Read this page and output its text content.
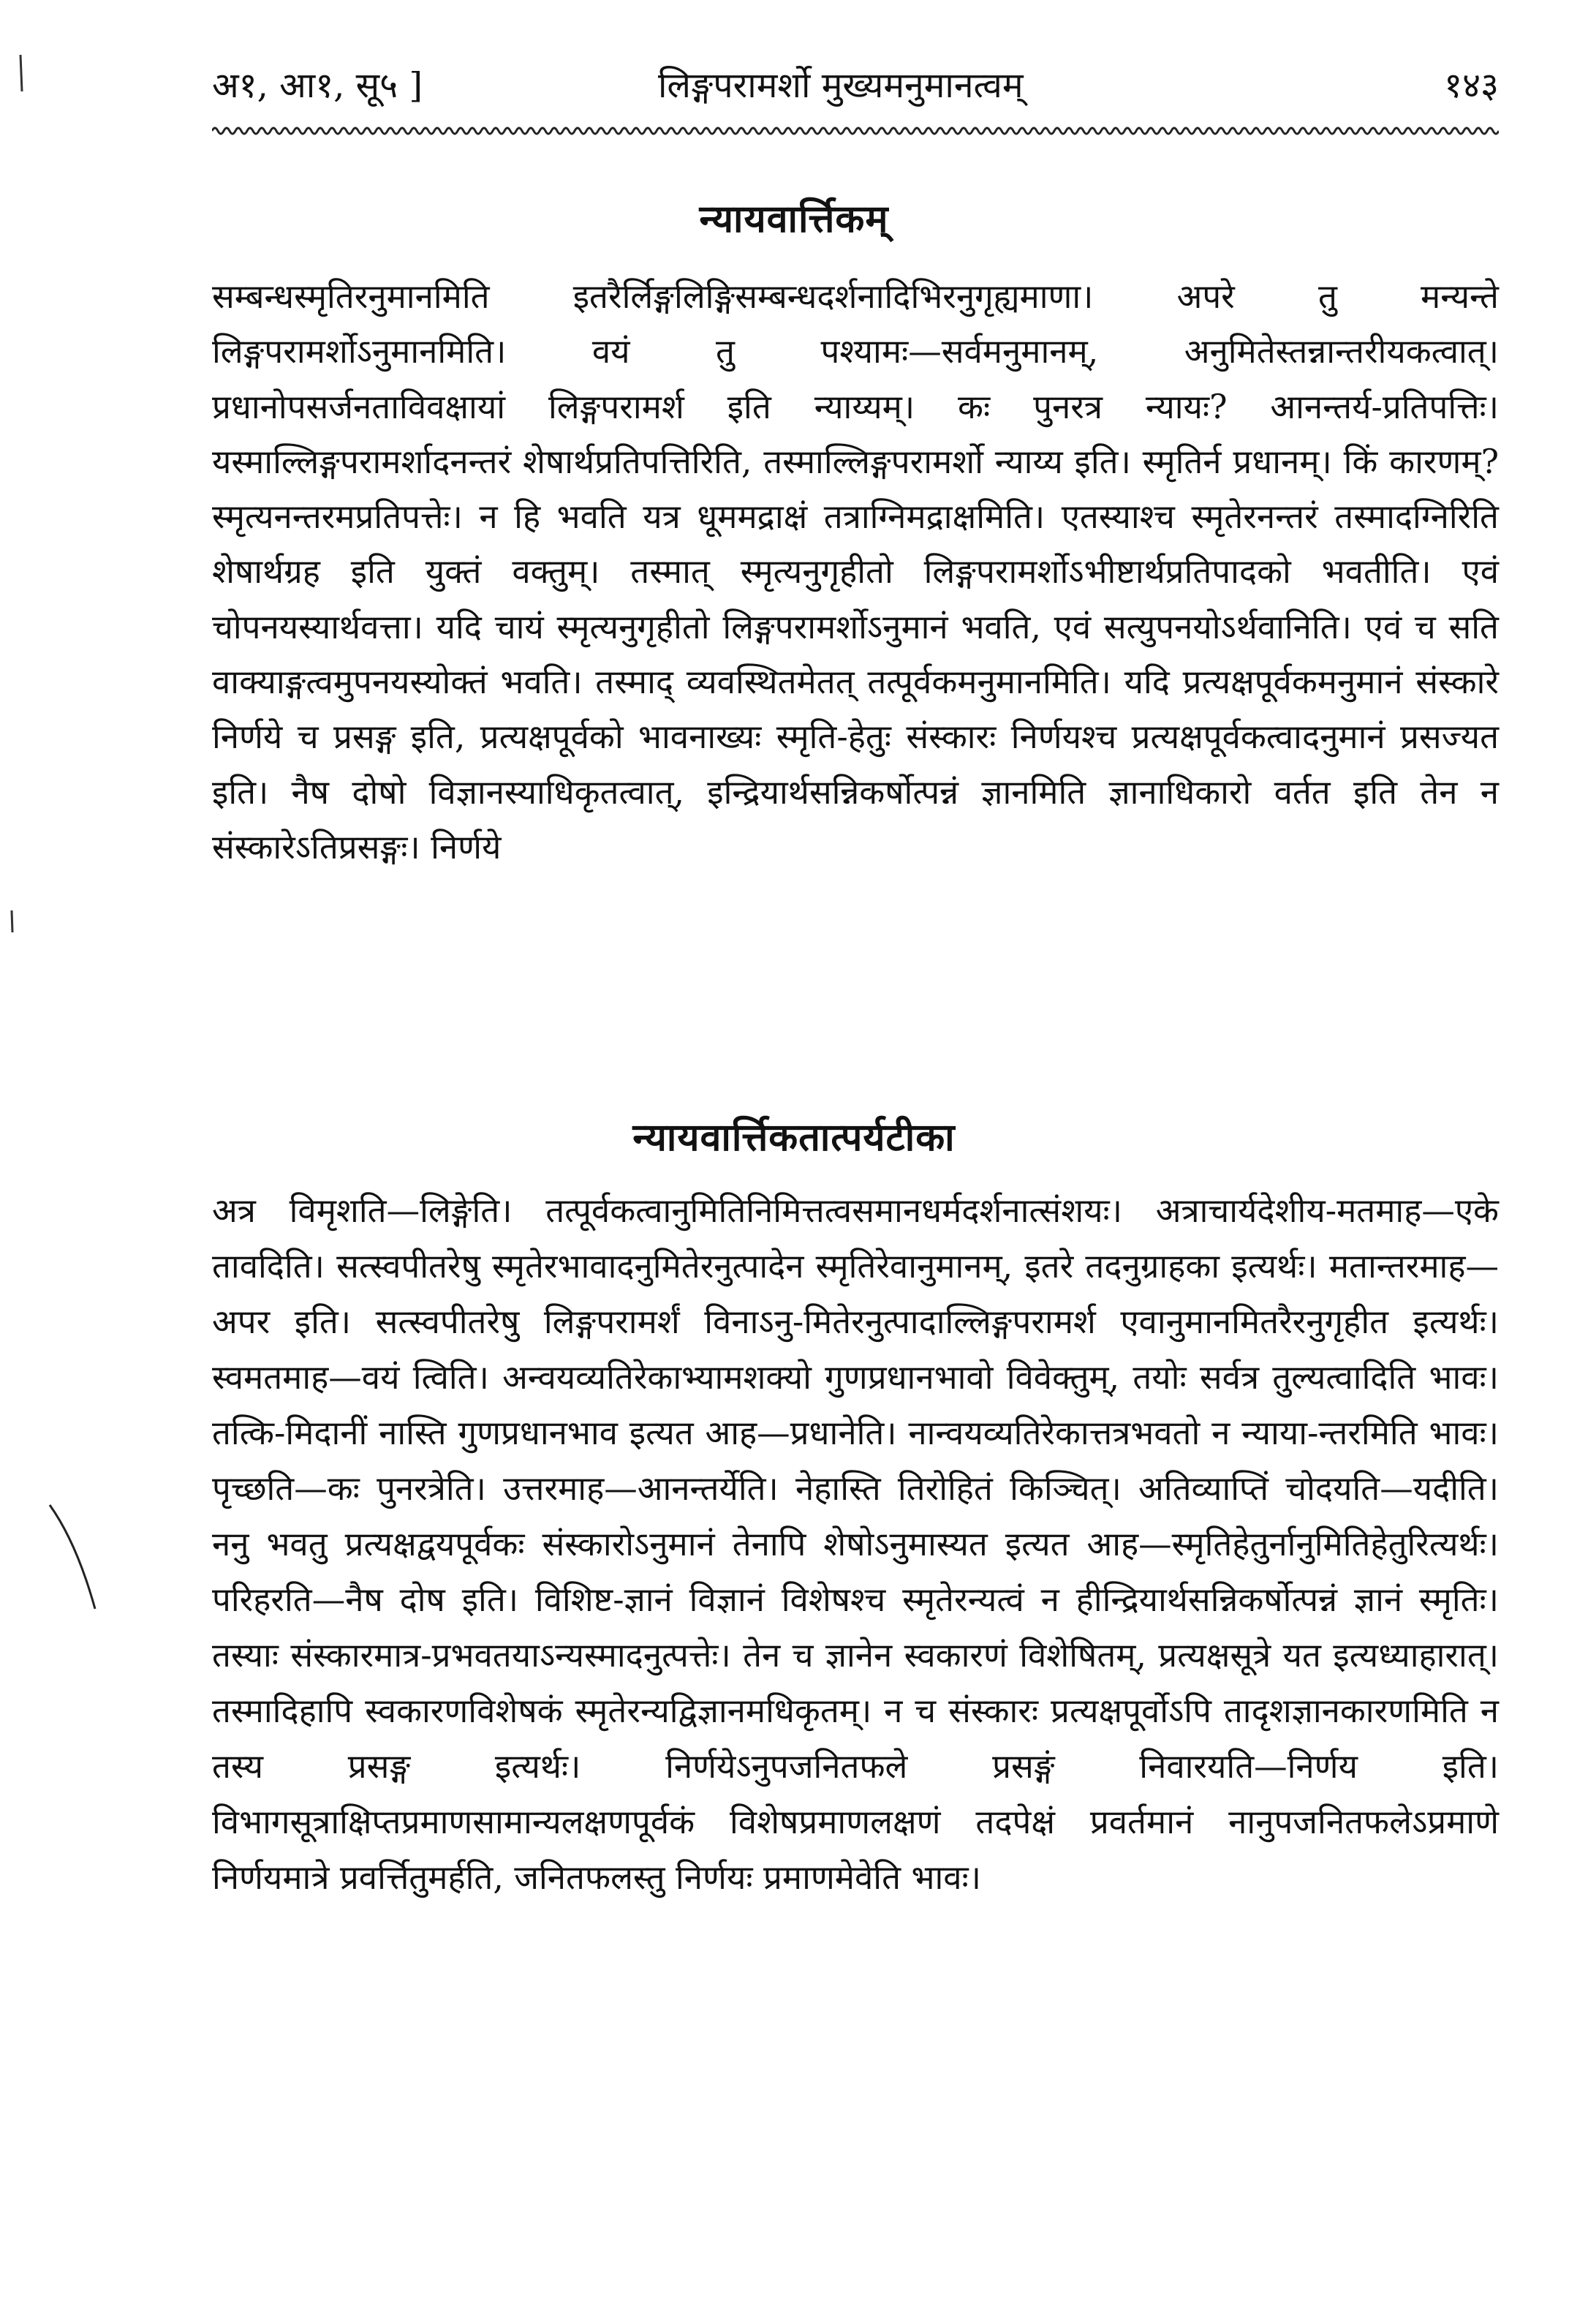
अ१, आ१, सू५ ]	लिङ्गपरामर्शो मुख्यमनुमानत्वम्	१४३
न्यायवार्त्तिकम्
सम्बन्धस्मृतिरनुमानमिति इतरैर्लिङ्गलिङ्गिसम्बन्धदर्शनादिभिरनुगृह्यमाणा। अपरे तु मन्यन्ते लिङ्गपरामर्शोऽनुमानमिति। वयं तु पश्यामः—सर्वमनुमानम्, अनुमितेस्तन्नान्तरीयकत्वात्। प्रधानोपसर्जनताविवक्षायां लिङ्गपरामर्श इति न्याय्यम्। कः पुनरत्र न्यायः? आनन्तर्य-प्रतिपत्तिः। यस्माल्लिङ्गपरामर्शादनन्तरं शेषार्थप्रतिपत्तिरिति, तस्माल्लिङ्गपरामर्शो न्याय्य इति। स्मृतिर्न प्रधानम्। किं कारणम्? स्मृत्यनन्तरमप्रतिपत्तेः। न हि भवति यत्र धूममद्राक्षं तत्राग्निमद्राक्षमिति। एतस्याश्च स्मृतेरनन्तरं तस्मादग्निरिति शेषार्थग्रह इति युक्तं वक्तुम्। तस्मात् स्मृत्यनुगृहीतो लिङ्गपरामर्शोऽभीष्टार्थप्रतिपादको भवतीति। एवं चोपनयस्यार्थवत्ता। यदि चायं स्मृत्यनुगृहीतो लिङ्गपरामर्शोऽनुमानं भवति, एवं सत्युपनयोऽर्थवानिति। एवं च सति वाक्याङ्गत्वमुपनयस्योक्तं भवति। तस्माद् व्यवस्थितमेतत् तत्पूर्वकमनुमानमिति। यदि प्रत्यक्षपूर्वकमनुमानं संस्कारे निर्णये च प्रसङ्ग इति, प्रत्यक्षपूर्वको भावनाख्यः स्मृति-हेतुः संस्कारः निर्णयश्च प्रत्यक्षपूर्वकत्वादनुमानं प्रसज्यत इति। नैष दोषो विज्ञानस्याधिकृतत्वात्, इन्द्रियार्थसन्निकर्षोत्पन्नं ज्ञानमिति ज्ञानाधिकारो वर्तत इति तेन न संस्कारेऽतिप्रसङ्गः। निर्णये
न्यायवार्त्तिकतात्पर्यटीका
अत्र विमृशति—लिङ्गेति। तत्पूर्वकत्वानुमितिनिमित्तत्वसमानधर्मदर्शनात्संशयः। अत्राचार्यदेशीय-मतमाह—एके तावदिति। सत्स्वपीतरेषु स्मृतेरभावादनुमितेरनुत्पादेन स्मृतिरेवानुमानम्, इतरे तदनुग्राहका इत्यर्थः। मतान्तरमाह—अपर इति। सत्स्वपीतरेषु लिङ्गपरामर्शं विनाऽनु-मितेरनुत्पादाल्लिङ्गपरामर्श एवानुमानमितरैरनुगृहीत इत्यर्थः। स्वमतमाह—वयं त्विति। अन्वयव्यतिरेकाभ्यामशक्यो गुणप्रधानभावो विवेक्तुम्, तयोः सर्वत्र तुल्यत्वादिति भावः। तत्कि-मिदानीं नास्ति गुणप्रधानभाव इत्यत आह—प्रधानेति। नान्वयव्यतिरेकात्तत्रभवतो न न्याया-न्तरमिति भावः। पृच्छति—कः पुनरत्रेति। उत्तरमाह—आनन्तर्येति। नेहास्ति तिरोहितं किञ्चित्। अतिव्याप्तिं चोदयति—यदीति। ननु भवतु प्रत्यक्षद्वयपूर्वकः संस्कारोऽनुमानं तेनापि शेषोऽनुमास्यत इत्यत आह—स्मृतिहेतुर्नानुमितिहेतुरित्यर्थः। परिहरति—नैष दोष इति। विशिष्ट-ज्ञानं विज्ञानं विशेषश्च स्मृतेरन्यत्वं न हीन्द्रियार्थसन्निकर्षोत्पन्नं ज्ञानं स्मृतिः। तस्याः संस्कारमात्र-प्रभवतयाऽन्यस्मादनुत्पत्तेः। तेन च ज्ञानेन स्वकारणं विशेषितम्, प्रत्यक्षसूत्रे यत इत्यध्याहारात्। तस्मादिहापि स्वकारणविशेषकं स्मृतेरन्यद्विज्ञानमधिकृतम्। न च संस्कारः प्रत्यक्षपूर्वोऽपि तादृशज्ञानकारणमिति न तस्य प्रसङ्ग इत्यर्थः। निर्णयेऽनुपजनितफले प्रसङ्गं निवारयति—निर्णय इति। विभागसूत्राक्षिप्तप्रमाणसामान्यलक्षणपूर्वकं विशेषप्रमाणलक्षणं तदपेक्षं प्रवर्तमानं नानुपजनितफलेऽप्रमाणे निर्णयमात्रे प्रवर्त्तितुमर्हति, जनितफलस्तु निर्णयः प्रमाणमेवेति भावः।
